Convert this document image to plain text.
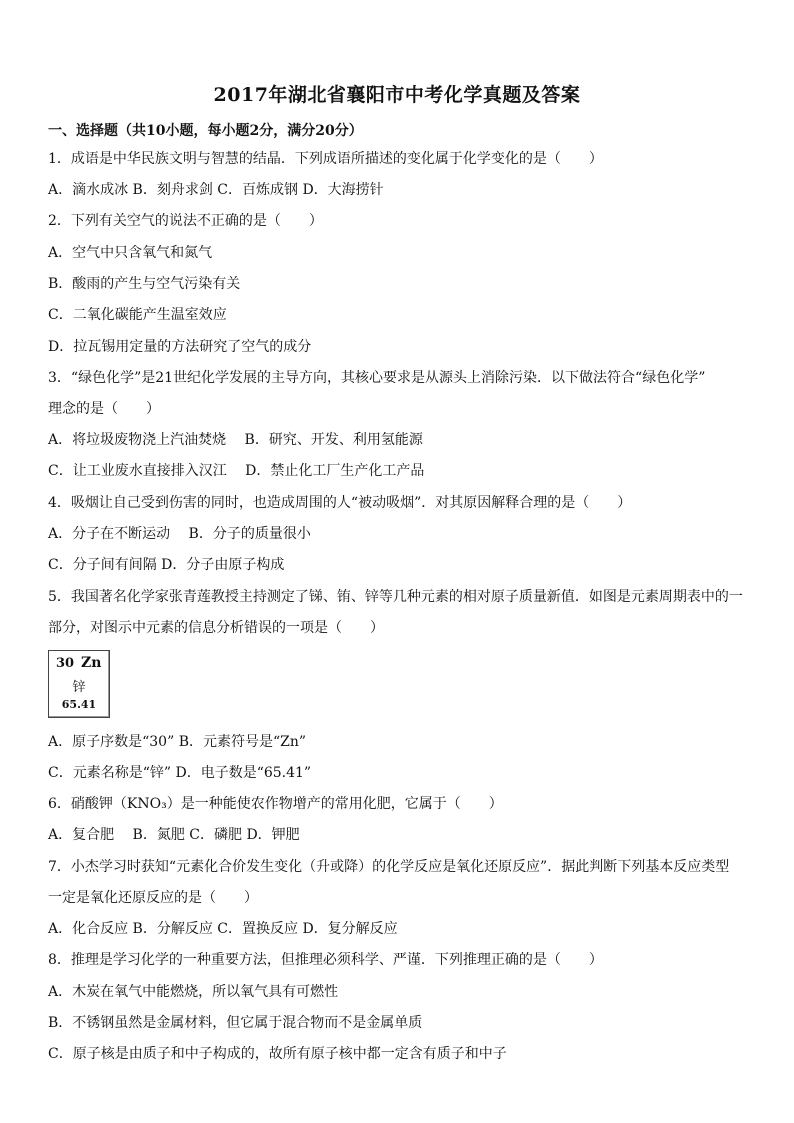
2017年湖北省襄阳市中考化学真题及答案
一、选择题（共10小题，每小题2分，满分20分）
1．成语是中华民族文明与智慧的结晶．下列成语所描述的变化属于化学变化的是（　　）
A．滴水成冰 B．刻舟求剑 C．百炼成钢 D．大海捞针
2．下列有关空气的说法不正确的是（　　）
A．空气中只含氧气和氮气
B．酸雨的产生与空气污染有关
C．二氧化碳能产生温室效应
D．拉瓦锡用定量的方法研究了空气的成分
3．“绿色化学”是21世纪化学发展的主导方向，其核心要求是从源头上消除污染．以下做法符合“绿色化学”
理念的是（　　）
A．将垃圾废物浇上汽油焚烧　 B．研究、开发、利用氢能源
C．让工业废水直接排入汉江　 D．禁止化工厂生产化工产品
4．吸烟让自己受到伤害的同时，也造成周围的人“被动吸烟”．对其原因解释合理的是（　　）
A．分子在不断运动　 B．分子的质量很小
C．分子间有间隔 D．分子由原子构成
5．我国著名化学家张青莲教授主持测定了锑、铕、锌等几种元素的相对原子质量新值．如图是元素周期表中的一
部分，对图示中元素的信息分析错误的一项是（　　）
30 Zn
锌
65.41
A．原子序数是“30” B．元素符号是“Zn”
C．元素名称是“锌” D．电子数是“65.41”
6．硝酸钾（KNO₃）是一种能使农作物增产的常用化肥，它属于（　　）
A．复合肥　 B．氮肥 C．磷肥 D．钾肥
7．小杰学习时获知“元素化合价发生变化（升或降）的化学反应是氧化还原反应”．据此判断下列基本反应类型
一定是氧化还原反应的是（　　）
A．化合反应 B．分解反应 C．置换反应 D．复分解反应
8．推理是学习化学的一种重要方法，但推理必须科学、严谨．下列推理正确的是（　　）
A．木炭在氧气中能燃烧，所以氧气具有可燃性
B．不锈钢虽然是金属材料，但它属于混合物而不是金属单质
C．原子核是由质子和中子构成的，故所有原子核中都一定含有质子和中子
